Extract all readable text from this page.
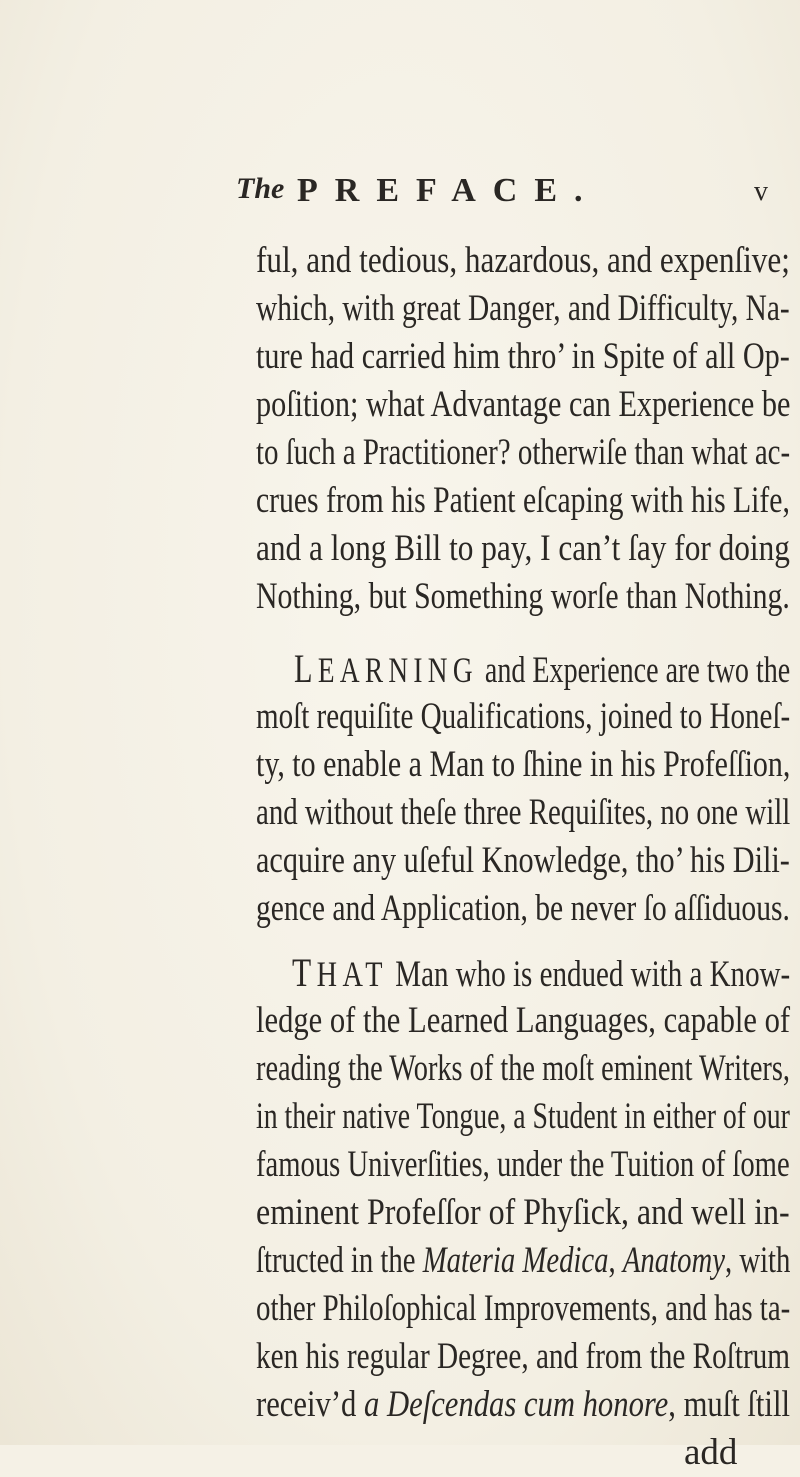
The PREFACE.	v
ful, and tedious, hazardous, and expenſive;
which, with great Danger, and Difficulty, Na-
ture had carried him thro’ in Spite of all Op-
poſition; what Advantage can Experience be
to ſuch a Practitioner? otherwiſe than what ac-
crues from his Patient eſcaping with his Life,
and a long Bill to pay, I can’t ſay for doing
Nothing, but Something worſe than Nothing.
LEARNING and Experience are two the
moſt requiſite Qualifications, joined to Honeſ-
ty, to enable a Man to ſhine in his Profeſſion,
and without theſe three Requiſites, no one will
acquire any uſeful Knowledge, tho’ his Dili-
gence and Application, be never ſo aſſiduous.
THAT Man who is endued with a Know-
ledge of the Learned Languages, capable of
reading the Works of the moſt eminent Writers,
in their native Tongue, a Student in either of our
famous Univerſities, under the Tuition of ſome
eminent Profeſſor of Phyſick, and well in-
ſtructed in the Materia Medica, Anatomy, with
other Philoſophical Improvements, and has ta-
ken his regular Degree, and from the Roſtrum
receiv’d a Deſcendas cum honore, muſt ſtill
add
